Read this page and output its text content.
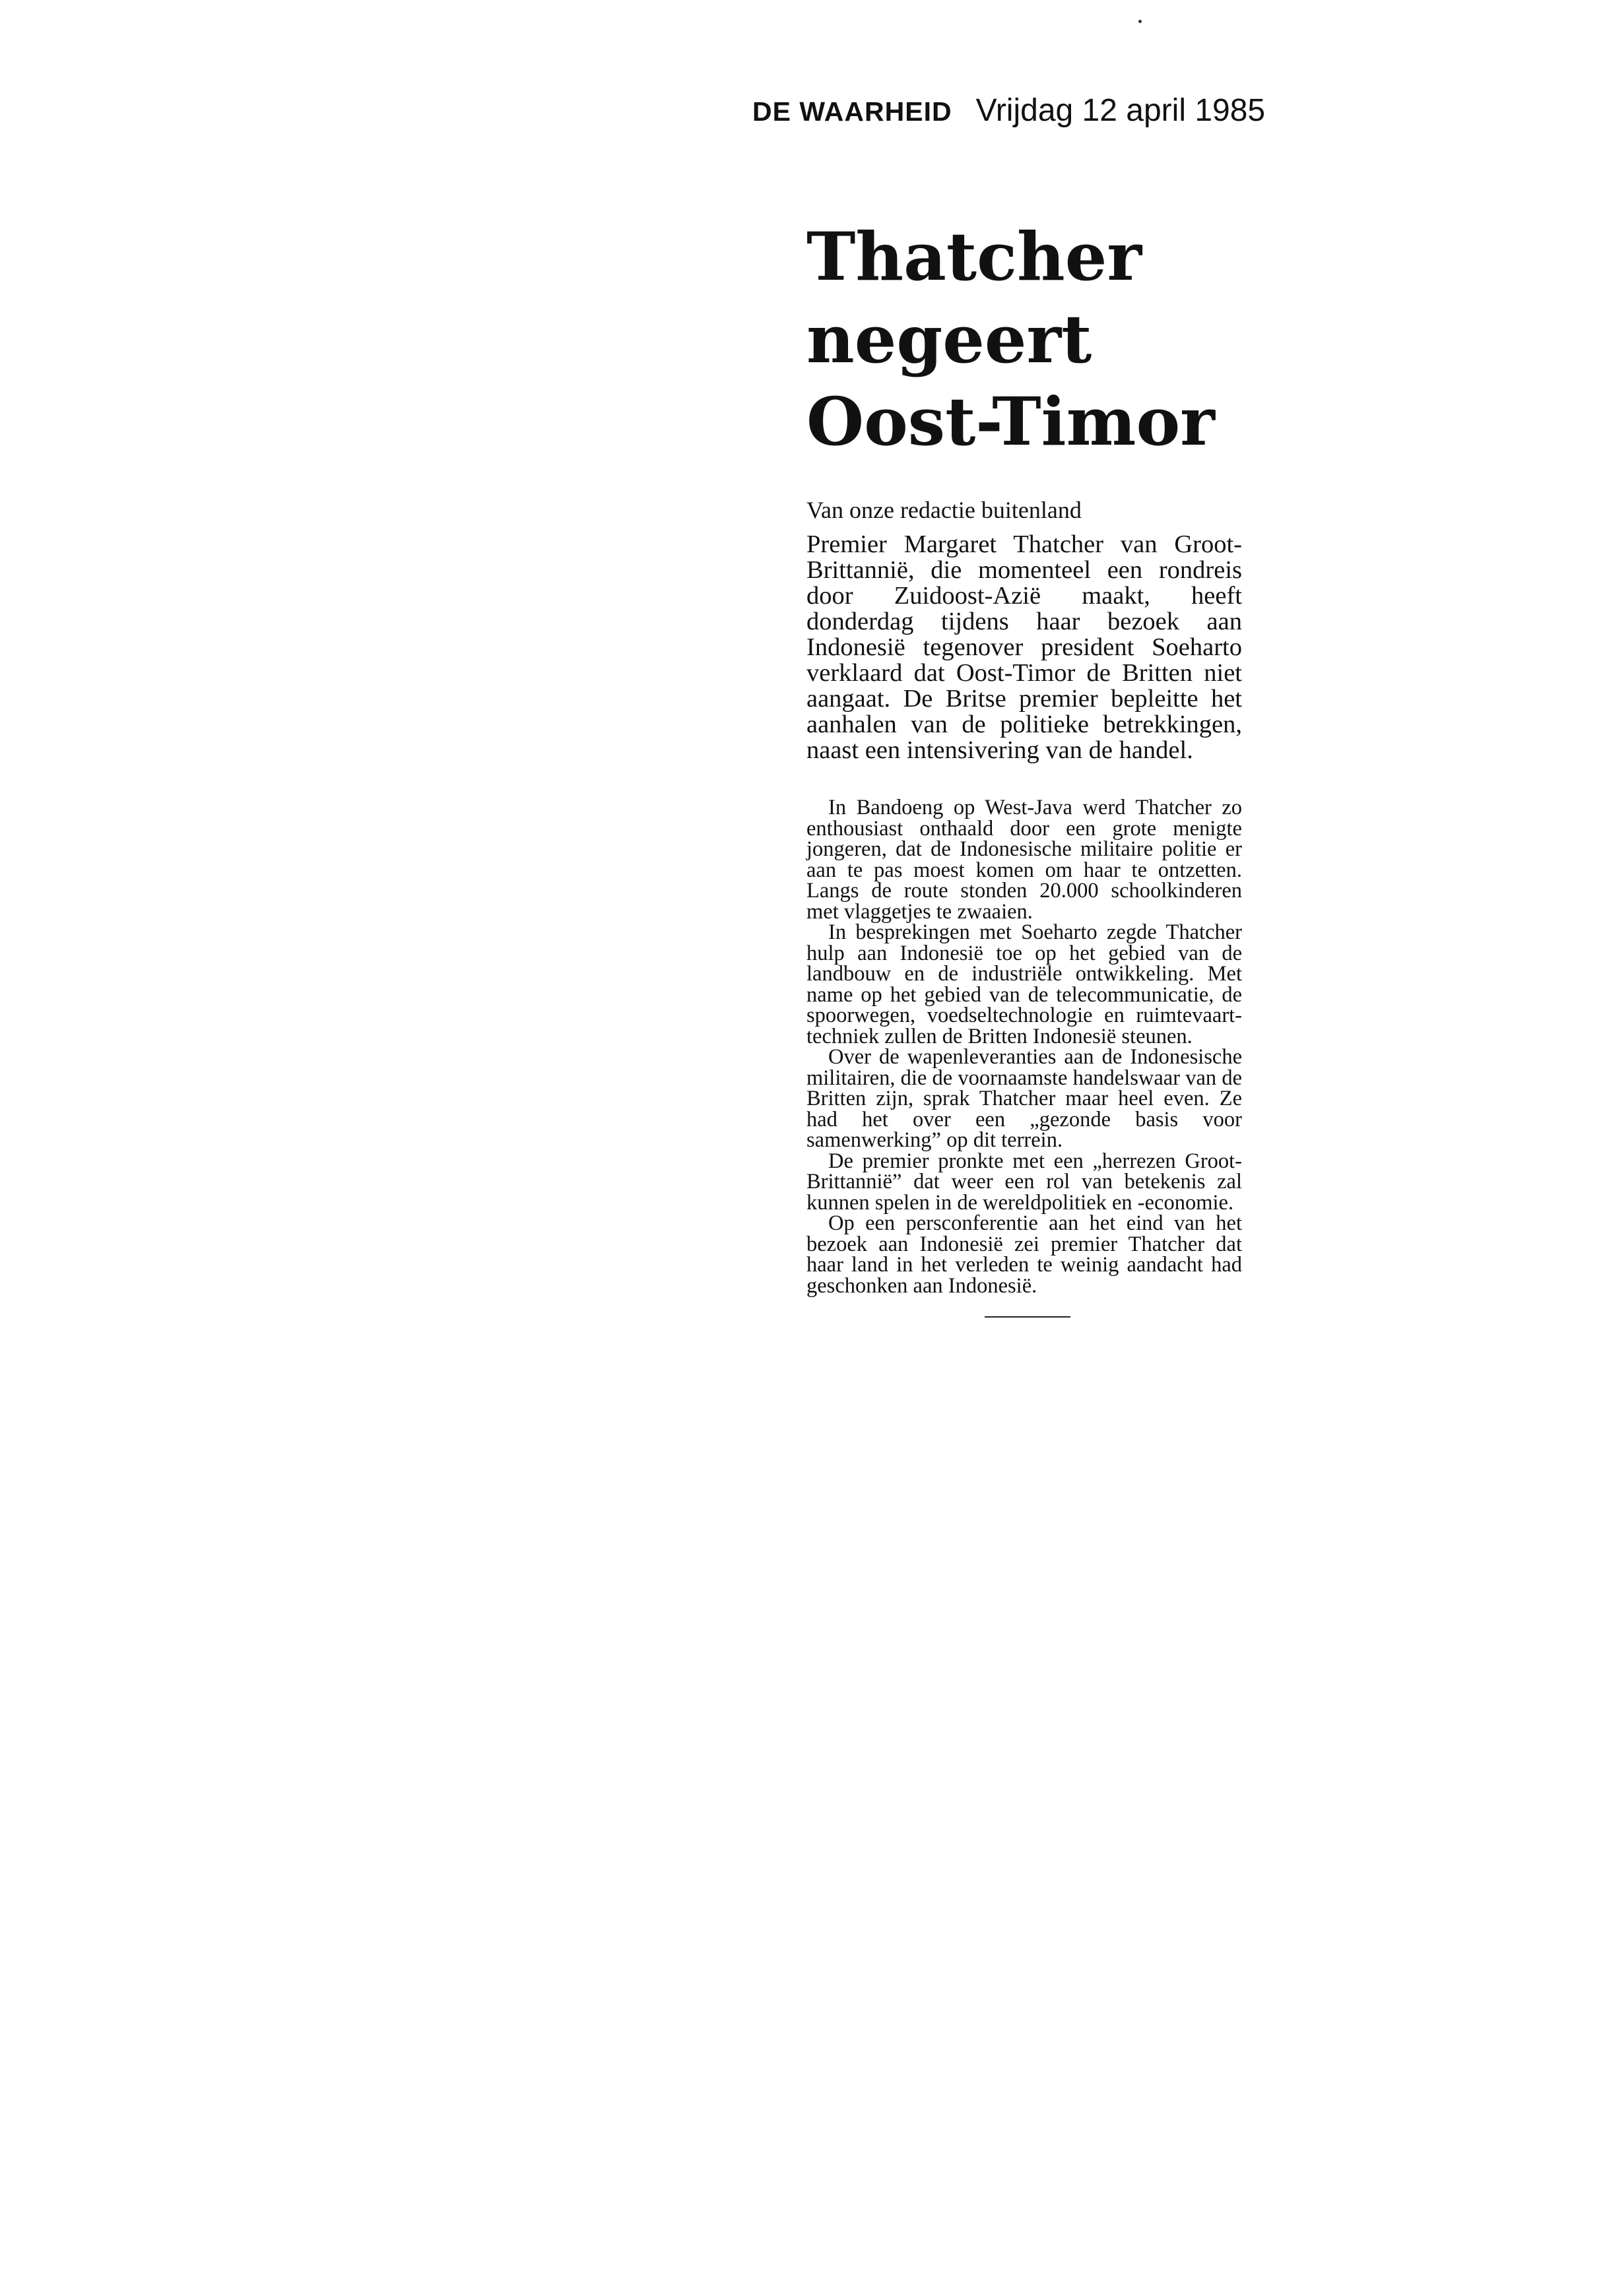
DE WAARHEID Vrijdag 12 april 1985
Thatcher
negeert
Oost-Timor
Van onze redactie buitenland

Premier Margaret Thatcher van Groot-Brittannië, die momenteel een rondreis door Zuidoost-Azië maakt, heeft donderdag tijdens haar bezoek aan Indonesië tegenover president Soeharto verklaard dat Oost-Timor de Britten niet aangaat. De Britse premier bepleitte het aanhalen van de politieke betrekkingen, naast een intensivering van de handel.

In Bandoeng op West-Java werd Thatcher zo enthousiast onthaald door een grote menigte jongeren, dat de Indonesische militaire politie er aan te pas moest komen om haar te ontzetten. Langs de route stonden 20.000 schoolkinderen met vlaggetjes te zwaaien.

In besprekingen met Soeharto zegde Thatcher hulp aan Indonesië toe op het gebied van de landbouw en de industriële ontwikkeling. Met name op het gebied van de telecommunicatie, de spoorwegen, voedseltechnologie en ruimtevaart-techniek zullen de Britten Indonesië steunen.

Over de wapenleveranties aan de Indonesische militairen, die de voornaamste handelswaar van de Britten zijn, sprak Thatcher maar heel even. Ze had het over een „gezonde basis voor samenwerking” op dit terrein.

De premier pronkte met een „herrezen Groot-Brittannië” dat weer een rol van betekenis zal kunnen spelen in de wereldpolitiek en -economie.

Op een persconferentie aan het eind van het bezoek aan Indonesië zei premier Thatcher dat haar land in het verleden te weinig aandacht had geschonken aan Indonesië.
